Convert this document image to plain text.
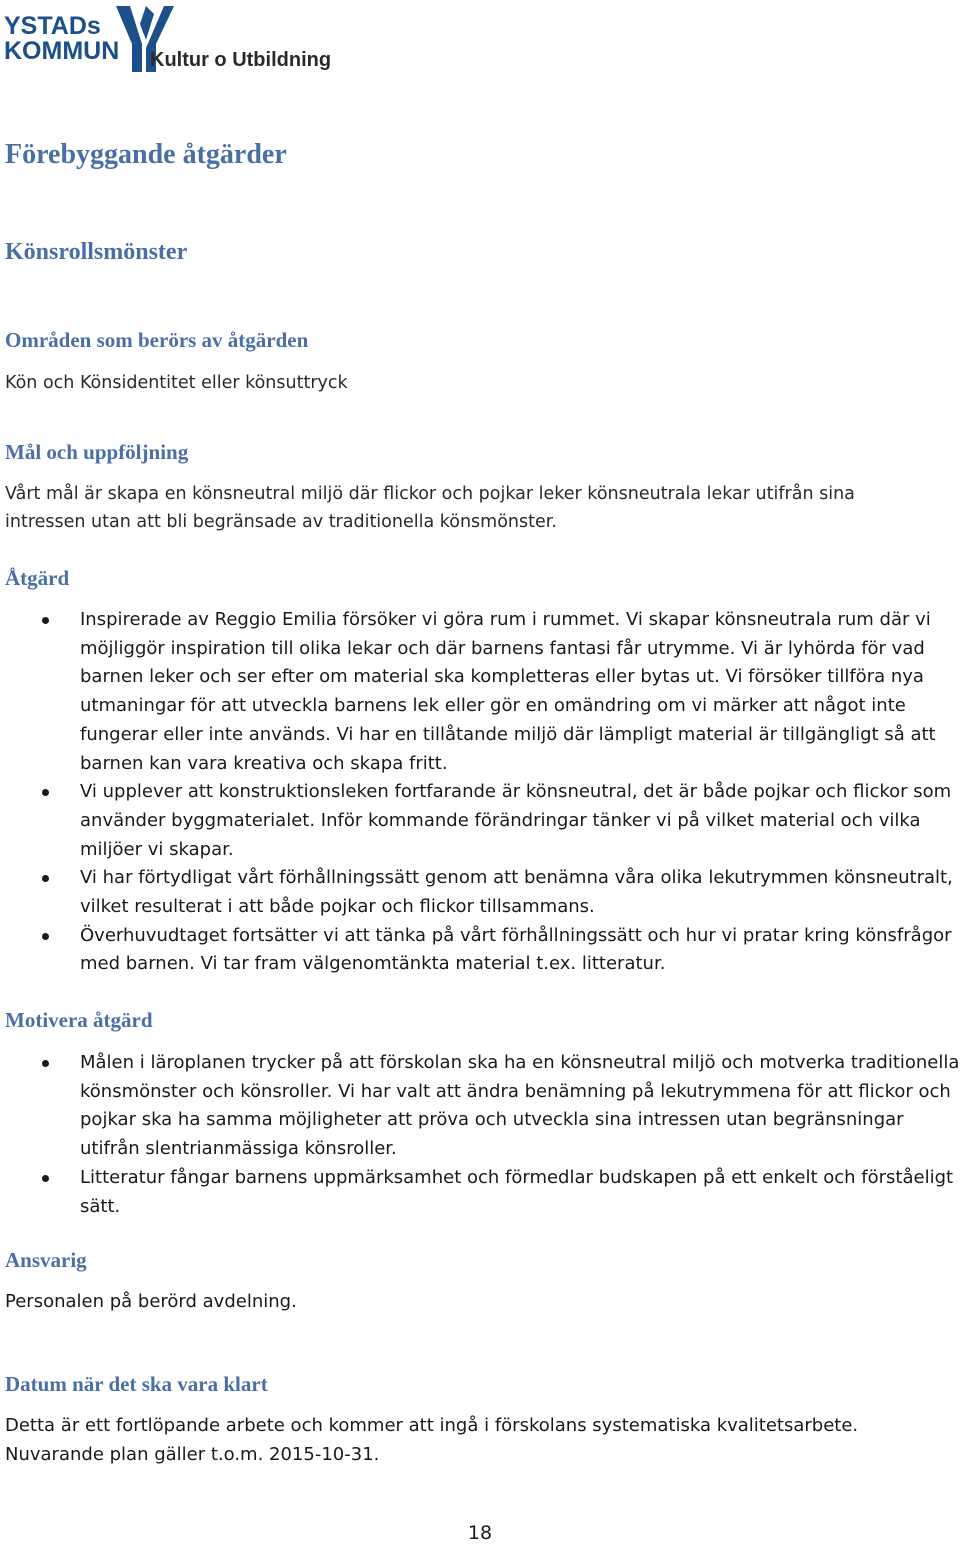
YSTADs
KOMMUN Kultur o Utbildning
Förebyggande åtgärder
Könsrollsmönster
Områden som berörs av åtgärden

Kön och Könsidentitet eller könsuttryck

Mål och uppföljning

Vårt mål är skapa en könsneutral miljö där flickor och pojkar leker könsneutrala lekar utifrån sina intressen utan att bli begränsade av traditionella könsmönster.

Åtgärd
Inspirerade av Reggio Emilia försöker vi göra rum i rummet. Vi skapar könsneutrala rum där vi möjliggör inspiration till olika lekar och där barnens fantasi får utrymme. Vi är lyhörda för vad barnen leker och ser efter om material ska kompletteras eller bytas ut. Vi försöker tillföra nya utmaningar för att utveckla barnens lek eller gör en omändring om vi märker att något inte fungerar eller inte används. Vi har en tillåtande miljö där lämpligt material är tillgängligt så att barnen kan vara kreativa och skapa fritt.
Vi upplever att konstruktionsleken fortfarande är könsneutral, det är både pojkar och flickor som använder byggmaterialet. Inför kommande förändringar tänker vi på vilket material och vilka miljöer vi skapar.
Vi har förtydligat vårt förhållningssätt genom att benämna våra olika lekutrymmen könsneutralt, vilket resulterat i att både pojkar och flickor tillsammans.
Överhuvudtaget fortsätter vi att tänka på vårt förhållningssätt och hur vi pratar kring könsfrågor med barnen. Vi tar fram välgenomtänkta material t.ex. litteratur.
Motivera åtgärd
Målen i läroplanen trycker på att förskolan ska ha en könsneutral miljö och motverka traditionella könsmönster och könsroller. Vi har valt att ändra benämning på lekutrymmena för att flickor och pojkar ska ha samma möjligheter att pröva och utveckla sina intressen utan begränsningar utifrån slentrianmässiga könsroller.
Litteratur fångar barnens uppmärksamhet och förmedlar budskapen på ett enkelt och förståeligt sätt.
Ansvarig

Personalen på berörd avdelning.

Datum när det ska vara klart

Detta är ett fortlöpande arbete och kommer att ingå i förskolans systematiska kvalitetsarbete.

Nuvarande plan gäller t.o.m. 2015-10-31.

18
